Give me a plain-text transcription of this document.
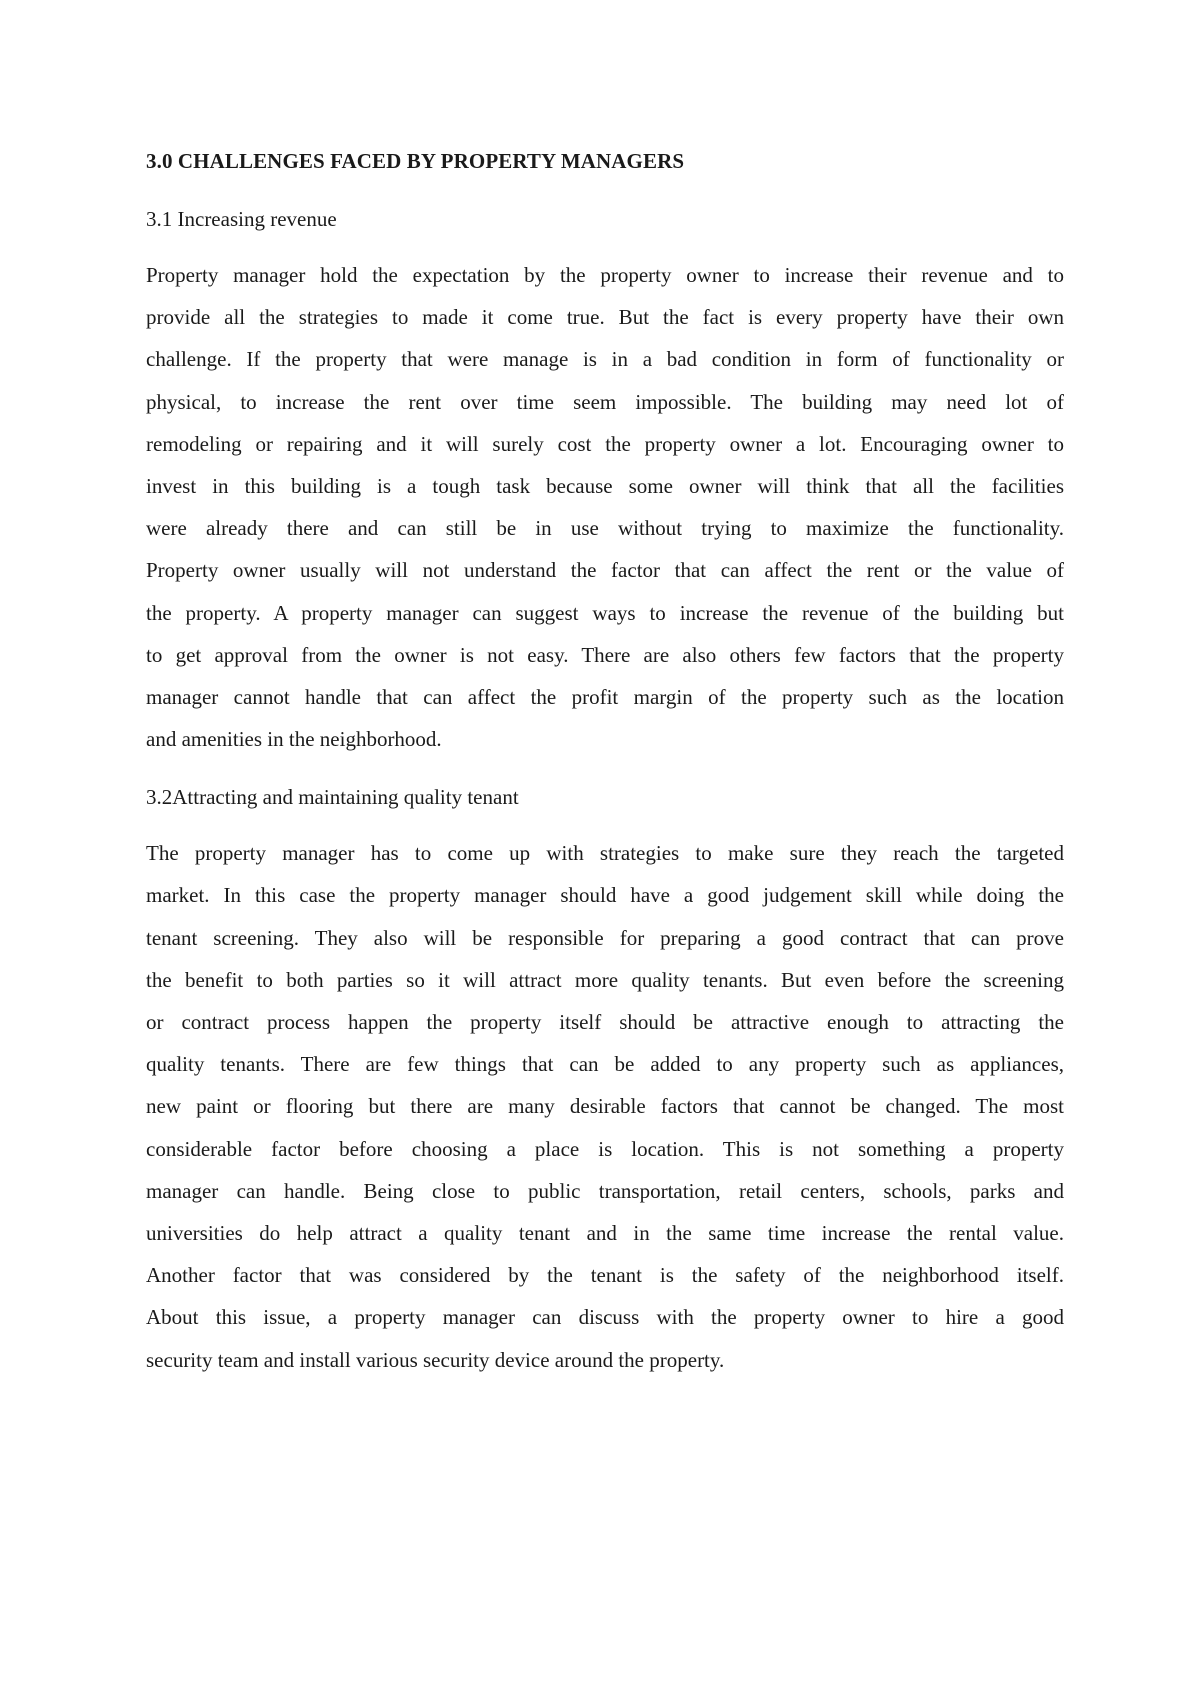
3.0 CHALLENGES FACED BY PROPERTY MANAGERS
3.1 Increasing revenue
Property manager hold the expectation by the property owner to increase their revenue and to
provide all the strategies to made it come true. But the fact is every property have their own
challenge. If the property that were manage is in a bad condition in form of functionality or
physical, to increase the rent over time seem impossible. The building may need lot of
remodeling or repairing and it will surely cost the property owner a lot. Encouraging owner to
invest in this building is a tough task because some owner will think that all the facilities
were already there and can still be in use without trying to maximize the functionality.
Property owner usually will not understand the factor that can affect the rent or the value of
the property. A property manager can suggest ways to increase the revenue of the building but
to get approval from the owner is not easy. There are also others few factors that the property
manager cannot handle that can affect the profit margin of the property such as the location
and amenities in the neighborhood.
3.2Attracting and maintaining quality tenant
The property manager has to come up with strategies to make sure they reach the targeted
market. In this case the property manager should have a good judgement skill while doing the
tenant screening. They also will be responsible for preparing a good contract that can prove
the benefit to both parties so it will attract more quality tenants. But even before the screening
or contract process happen the property itself should be attractive enough to attracting the
quality tenants. There are few things that can be added to any property such as appliances,
new paint or flooring but there are many desirable factors that cannot be changed. The most
considerable factor before choosing a place is location. This is not something a property
manager can handle. Being close to public transportation, retail centers, schools, parks and
universities do help attract a quality tenant and in the same time increase the rental value.
Another factor that was considered by the tenant is the safety of the neighborhood itself.
About this issue, a property manager can discuss with the property owner to hire a good
security team and install various security device around the property.
